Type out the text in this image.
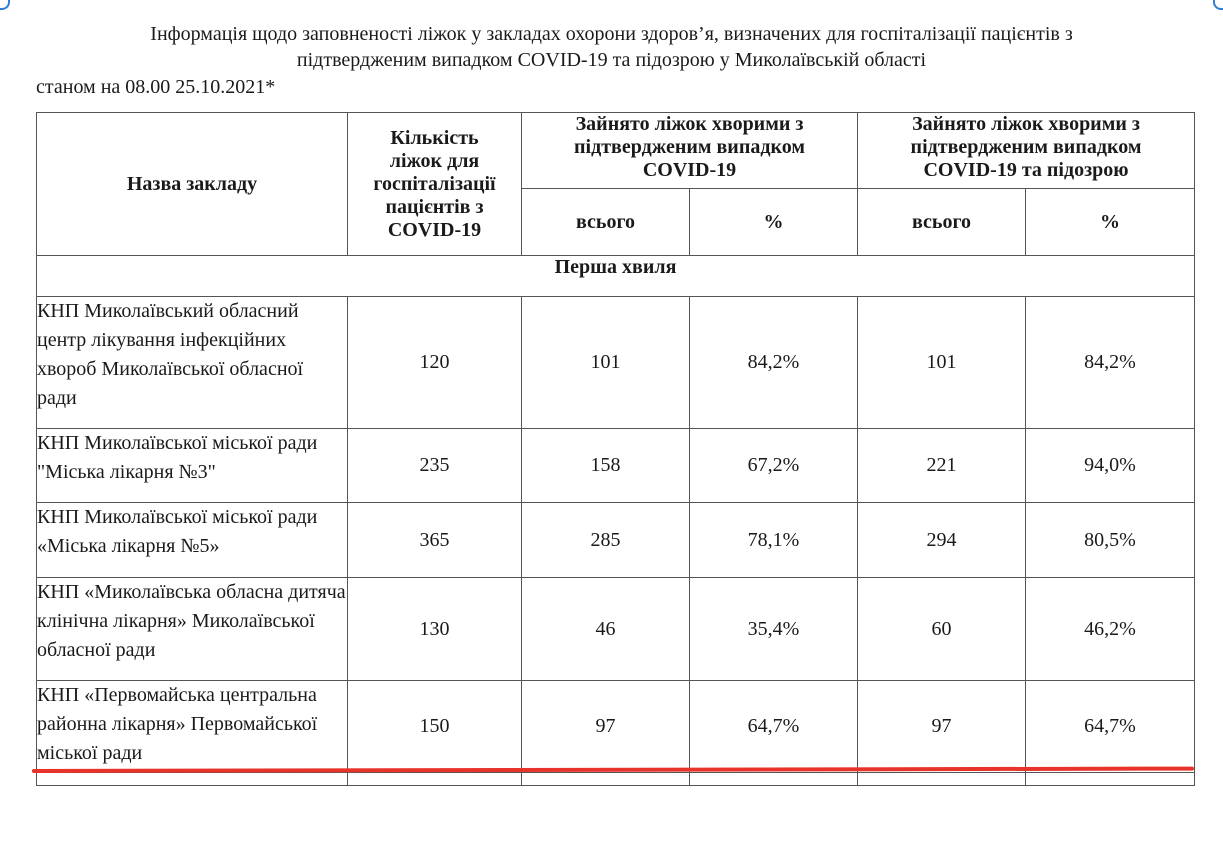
Інформація щодо заповненості ліжок у закладах охорони здоров’я, визначених для госпіталізації пацієнтів з
підтвердженим випадком COVID-19 та підозрою у Миколаївській області
станом на 08.00 25.10.2021*
Назва закладу	Кількість ліжок для госпіталізації пацієнтів з COVID-19	Зайнято ліжок хворими з підтвердженим випадком COVID-19		Зайнято ліжок хворими з підтвердженим випадком COVID-19 та підозрою	
		всього	%	всього	%
Перша хвиля					
КНП Миколаївський обласний центр лікування інфекційних хвороб Миколаївської обласної ради	120	101	84,2%	101	84,2%
КНП Миколаївської міської ради "Міська лікарня №3"	235	158	67,2%	221	94,0%
КНП Миколаївської міської ради «Міська лікарня №5»	365	285	78,1%	294	80,5%
КНП «Миколаївська обласна дитяча клінічна лікарня» Миколаївської обласної ради	130	46	35,4%	60	46,2%
КНП «Первомайська центральна районна лікарня» Первомайської міської ради	150	97	64,7%	97	64,7%
